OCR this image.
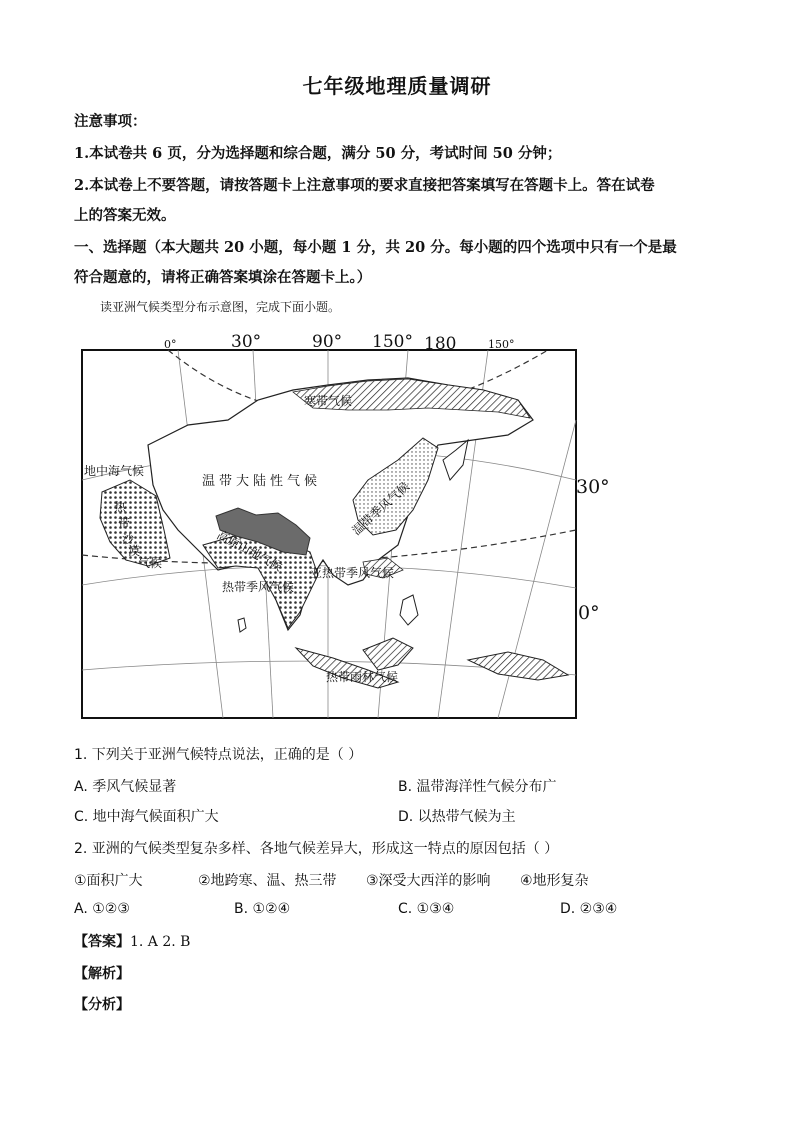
七年级地理质量调研
注意事项：
1.本试卷共 6 页，分为选择题和综合题，满分 50 分，考试时间 50 分钟；
2.本试卷上不要答题，请按答题卡上注意事项的要求直接把答案填写在答题卡上。答在试卷
上的答案无效。
一、选择题（本大题共 20 小题，每小题 1 分，共 20 分。每小题的四个选项中只有一个是最
符合题意的，请将正确答案填涂在答题卡上。）
读亚洲气候类型分布示意图，完成下面小题。
0°	30°	90° 150° 180	150°
30°
0°
寒带气候
温带大陆性气候
地中海气候
热
带
沙
漠
气候	高原山地气候
温带季风气候
亚热带季风气候
热带季风气候
热带雨林气候
1. 下列关于亚洲气候特点说法，正确的是（ ）
A. 季风气候显著	B. 温带海洋性气候分布广
C. 地中海气候面积广大	D. 以热带气候为主
2. 亚洲的气候类型复杂多样、各地气候差异大，形成这一特点的原因包括（ ）
①面积广大	②地跨寒、温、热三带 ③深受大西洋的影响 ④地形复杂
A. ①②③	B. ①②④	C. ①③④	D. ②③④
【答案】1. A 2. B
【解析】
【分析】
